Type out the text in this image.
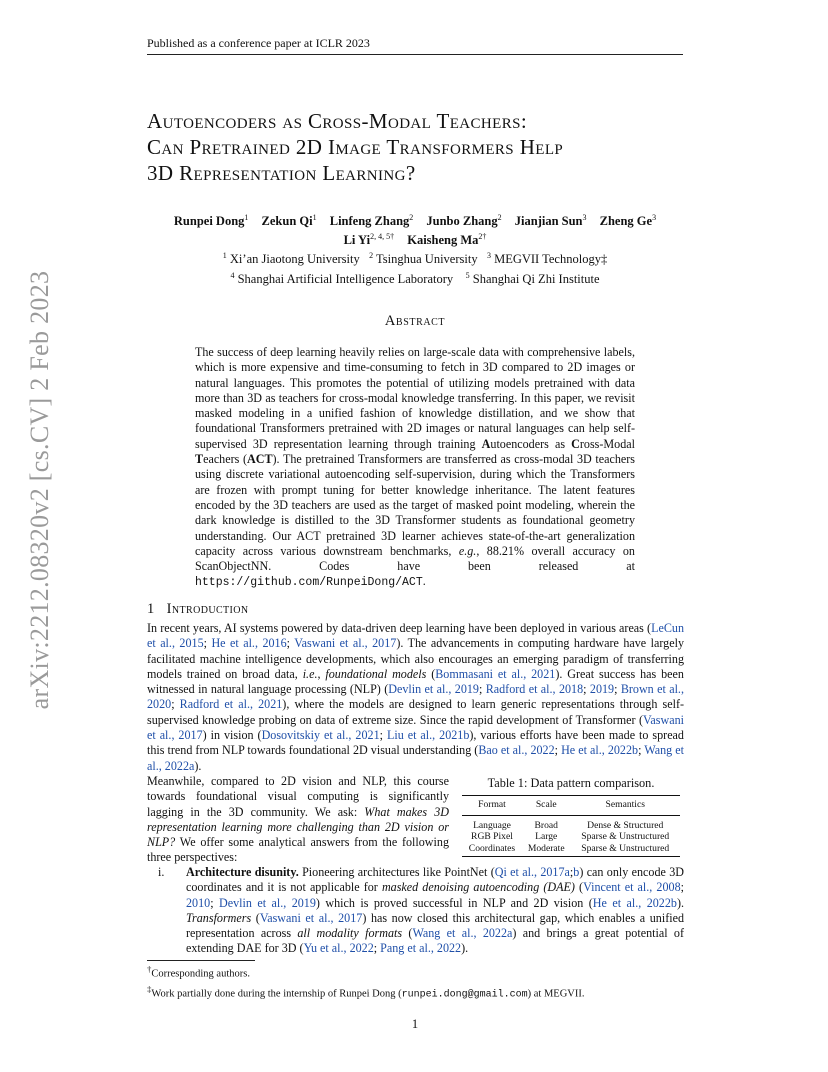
Published as a conference paper at ICLR 2023
arXiv:2212.08320v2 [cs.CV] 2 Feb 2023
Autoencoders as Cross-Modal Teachers:
Can Pretrained 2D Image Transformers Help
3D Representation Learning?
Runpei Dong$^1$ Zekun Qi$^1$ Linfeng Zhang$^2$ Junbo Zhang$^2$ Jianjian Sun$^3$ Zheng Ge$^3$
Li $Yi^{2, 4, 5\dagger}$ Kaisheng $Ma^{2\dagger}$
$^1$ Xi’an Jiaotong University $^2$ Tsinghua University $^3$ MEGVII Technology‡
$^4$ Shanghai Artificial Intelligence Laboratory $^5$ Shanghai Qi Zhi Institute
Abstract
The success of deep learning heavily relies on large-scale data with comprehensive labels, which is more expensive and time-consuming to fetch in 3D compared to 2D images or natural languages. This promotes the potential of utilizing models pretrained with data more than 3D as teachers for cross-modal knowledge transferring. In this paper, we revisit masked modeling in a unified fashion of knowledge distillation, and we show that foundational Transformers pretrained with 2D images or natural languages can help self-supervised 3D representation learning through training Autoencoders as Cross-Modal Teachers (ACT). The pretrained Transformers are transferred as cross-modal 3D teachers using discrete variational autoencoding self-supervision, during which the Transformers are frozen with prompt tuning for better knowledge inheritance. The latent features encoded by the 3D teachers are used as the target of masked point modeling, wherein the dark knowledge is distilled to the 3D Transformer students as foundational geometry understanding. Our ACT pretrained 3D learner achieves state-of-the-art generalization capacity across various downstream benchmarks, e.g., 88.21% overall accuracy on ScanObjectNN. Codes have been released at https://github.com/RunpeiDong/ACT.
1 Introduction
In recent years, AI systems powered by data-driven deep learning have been deployed in various areas (LeCun et al., 2015; He et al., 2016; Vaswani et al., 2017). The advancements in computing hardware have largely facilitated machine intelligence developments, which also encourages an emerging paradigm of transferring models trained on broad data, i.e., foundational models (Bommasani et al., 2021). Great success has been witnessed in natural language processing (NLP) (Devlin et al., 2019; Radford et al., 2018; 2019; Brown et al., 2020; Radford et al., 2021), where the models are designed to learn generic representations through self-supervised knowledge probing on data of extreme size. Since the rapid development of Transformer (Vaswani et al., 2017) in vision (Dosovitskiy et al., 2021; Liu et al., 2021b), various efforts have been made to spread this trend from NLP towards foundational 2D visual understanding (Bao et al., 2022; He et al., 2022b; Wang et al., 2022a).
Meanwhile, compared to 2D vision and NLP, this course towards foundational visual computing is significantly lagging in the 3D community. We ask: What makes 3D representation learning more challenging than 2D vision or NLP? We offer some analytical answers from the following three perspectives:
Table 1: Data pattern comparison.
Format	Scale	Semantics
Language	Broad	Dense & Structured
RGB Pixel	Large	Sparse & Unstructured
Coordinates	Moderate	Sparse & Unstructured
i. Architecture disunity. Pioneering architectures like PointNet (Qi et al., 2017a;b) can only encode 3D coordinates and it is not applicable for masked denoising autoencoding (DAE) (Vincent et al., 2008; 2010; Devlin et al., 2019) which is proved successful in NLP and 2D vision (He et al., 2022b). Transformers (Vaswani et al., 2017) has now closed this architectural gap, which enables a unified representation across all modality formats (Wang et al., 2022a) and brings a great potential of extending DAE for 3D (Yu et al., 2022; Pang et al., 2022).
†Corresponding authors.
‡Work partially done during the internship of Runpei Dong (runpei.dong@gmail.com) at MEGVII.
1
